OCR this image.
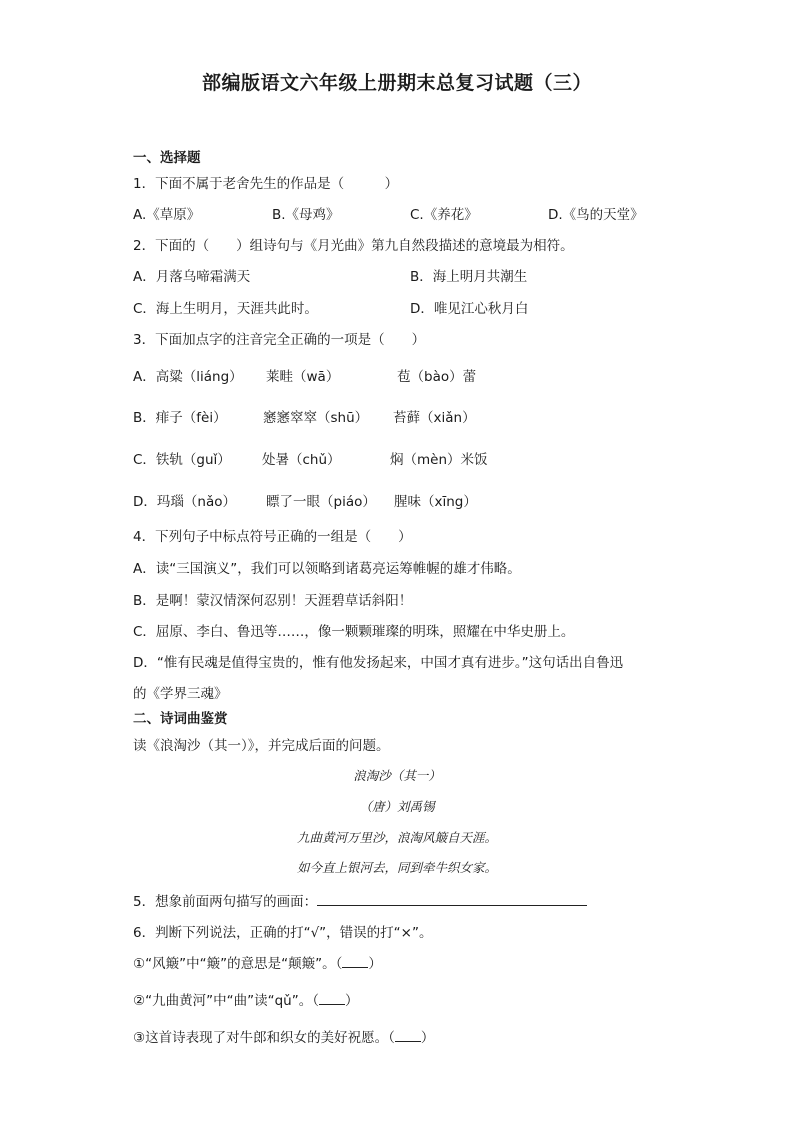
部编版语文六年级上册期末总复习试题（三）
一、选择题
1．下面不属于老舍先生的作品是（　　　）
A.《草原》	B.《母鸡》	C.《养花》	D.《鸟的天堂》
2．下面的（　　）组诗句与《月光曲》第九自然段描述的意境最为相符。
A．月落乌啼霜满天	B．海上明月共潮生
C．海上生明月，天涯共此时。	D．唯见江心秋月白
3．下面加点字的注音完全正确的一项是（　　）
A．高粱（liáng） 莱畦（wā）	苞（bào）蕾
B．痱子（fèi）	窸窸窣窣（shū） 苔藓（xiǎn）
C．铁轨（guǐ） 处暑（chǔ）	焖（mèn）米饭
D．玛瑙（nǎo） 瞟了一眼（piáo） 腥味（xīng）
4．下列句子中标点符号正确的一组是（　　）
A．读“三国演义”，我们可以领略到诸葛亮运筹帷幄的雄才伟略。
B．是啊！蒙汉情深何忍别！天涯碧草话斜阳！
C．屈原、李白、鲁迅等……，像一颗颗璀璨的明珠，照耀在中华史册上。
D．“惟有民魂是值得宝贵的，惟有他发扬起来，中国才真有进步。”这句话出自鲁迅
的《学界三魂》
二、诗词曲鉴赏
读《浪淘沙（其一）》，并完成后面的问题。
浪淘沙（其一）
（唐）刘禹锡
九曲黄河万里沙，浪淘风簸自天涯。
如今直上银河去，同到牵牛织女家。
5．想象前面两句描写的画面：
6．判断下列说法，正确的打“√”，错误的打“×”。
①“风簸”中“簸”的意思是“颠簸”。（ ）
②“九曲黄河”中“曲”读“qǔ”。（ ）
③这首诗表现了对牛郎和织女的美好祝愿。（ ）
